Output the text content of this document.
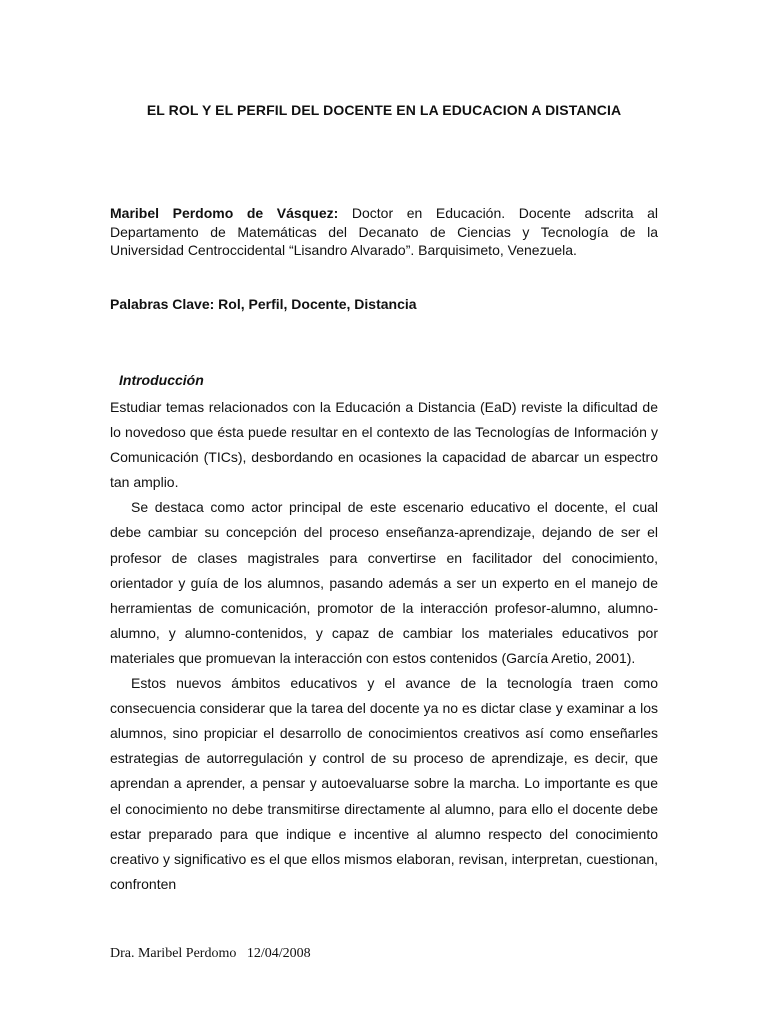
EL ROL Y EL PERFIL DEL DOCENTE EN LA EDUCACION A DISTANCIA
Maribel Perdomo de Vásquez: Doctor en Educación. Docente adscrita al Departamento de Matemáticas del Decanato de Ciencias y Tecnología de la Universidad Centroccidental “Lisandro Alvarado”. Barquisimeto, Venezuela.
Palabras Clave: Rol, Perfil, Docente, Distancia
Introducción

Estudiar temas relacionados con la Educación a Distancia (EaD) reviste la dificultad de lo novedoso que ésta puede resultar en el contexto de las Tecnologías de Información y Comunicación (TICs), desbordando en ocasiones la capacidad de abarcar un espectro tan amplio.

Se destaca como actor principal de este escenario educativo el docente, el cual debe cambiar su concepción del proceso enseñanza-aprendizaje, dejando de ser el profesor de clases magistrales para convertirse en facilitador del conocimiento, orientador y guía de los alumnos, pasando además a ser un experto en el manejo de herramientas de comunicación, promotor de la interacción profesor-alumno, alumno-alumno, y alumno-contenidos, y capaz de cambiar los materiales educativos por materiales que promuevan la interacción con estos contenidos (García Aretio, 2001).

Estos nuevos ámbitos educativos y el avance de la tecnología traen como consecuencia considerar que la tarea del docente ya no es dictar clase y examinar a los alumnos, sino propiciar el desarrollo de conocimientos creativos así como enseñarles estrategias de autorregulación y control de su proceso de aprendizaje, es decir, que aprendan a aprender, a pensar y autoevaluarse sobre la marcha. Lo importante es que el conocimiento no debe transmitirse directamente al alumno, para ello el docente debe estar preparado para que indique e incentive al alumno respecto del conocimiento creativo y significativo es el que ellos mismos elaboran, revisan, interpretan, cuestionan, confronten

Dra. Maribel Perdomo 12/04/2008
